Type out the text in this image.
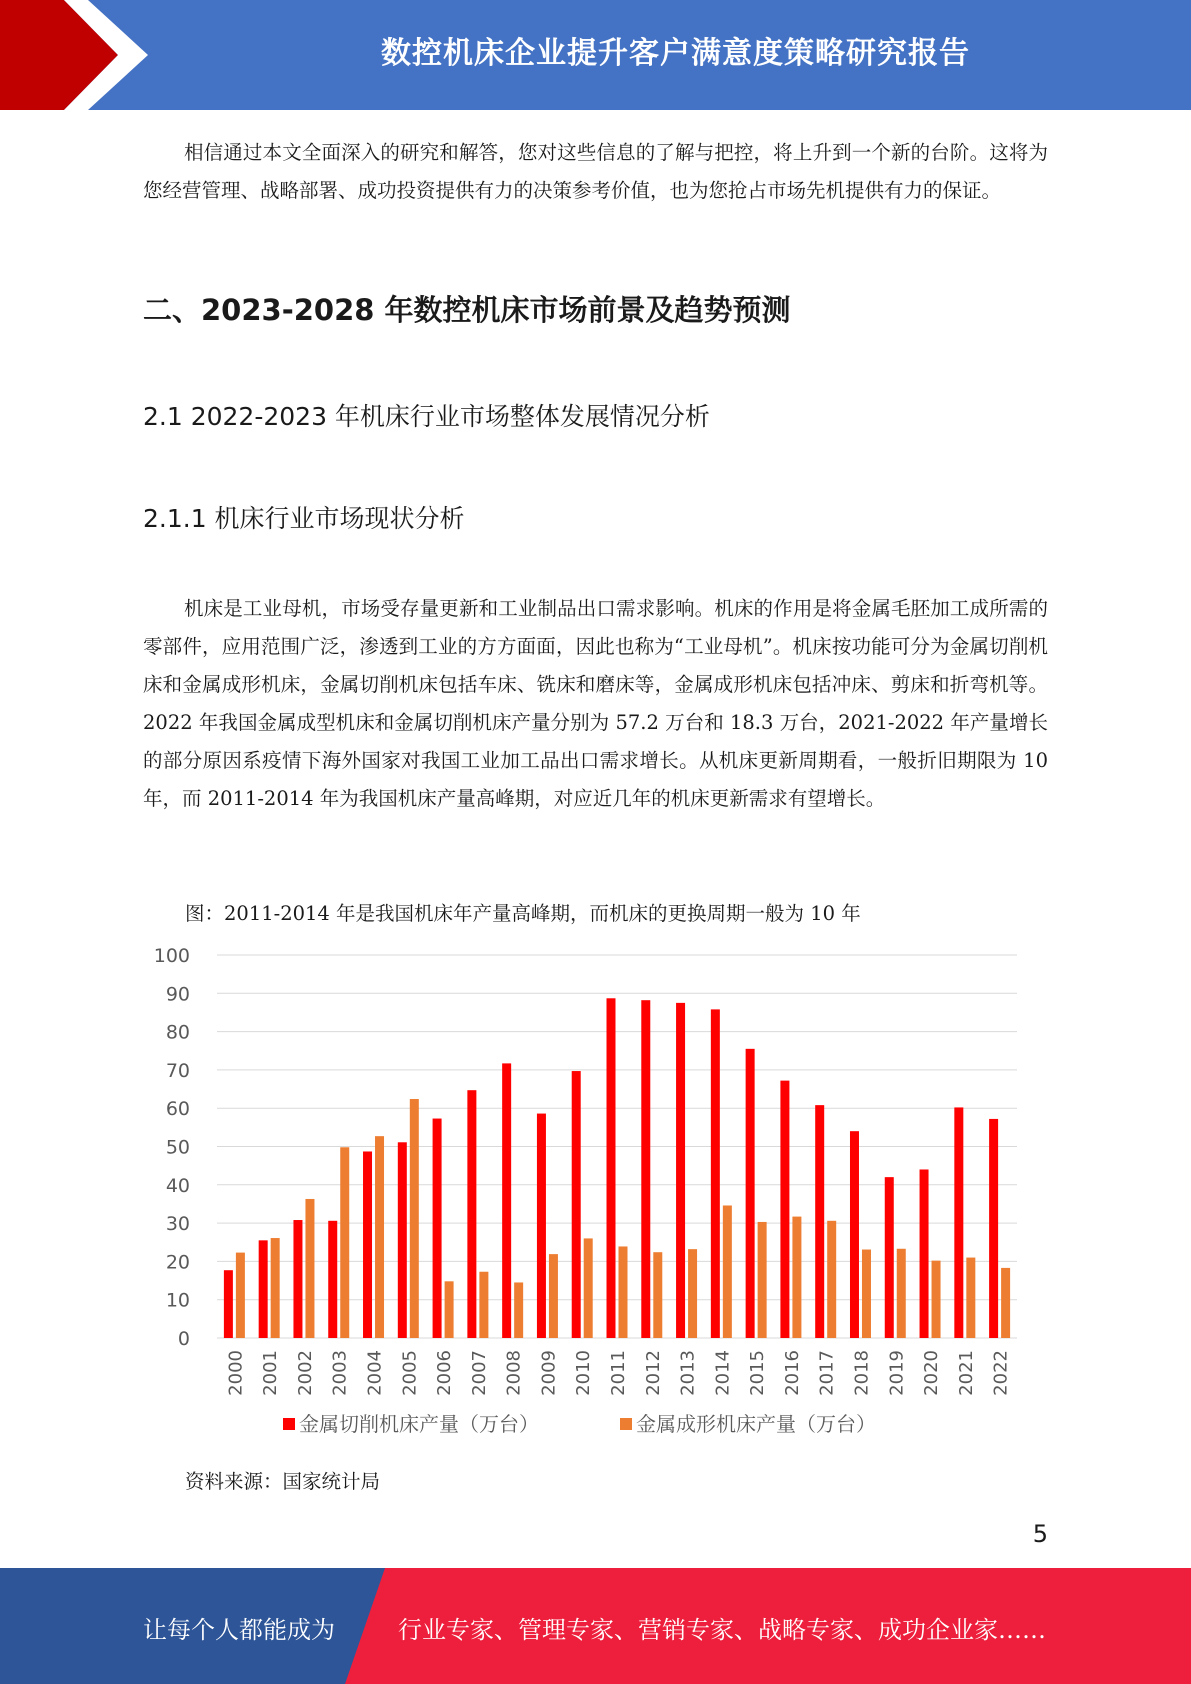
数控机床企业提升客户满意度策略研究报告

相信通过本文全面深入的研究和解答，您对这些信息的了解与把控，将上升到一个新的台阶。这将为您经营管理、战略部署、成功投资提供有力的决策参考价值，也为您抢占市场先机提供有力的保证。

二、2023-2028 年数控机床市场前景及趋势预测
2.1 2022-2023 年机床行业市场整体发展情况分析
2.1.1 机床行业市场现状分析

机床是工业母机，市场受存量更新和工业制品出口需求影响。机床的作用是将金属毛胚加工成所需的零部件，应用范围广泛，渗透到工业的方方面面，因此也称为“工业母机”。机床按功能可分为金属切削机床和金属成形机床，金属切削机床包括车床、铣床和磨床等，金属成形机床包括冲床、剪床和折弯机等。2022 年我国金属成型机床和金属切削机床产量分别为 57.2 万台和 18.3 万台，2021-2022 年产量增长的部分原因系疫情下海外国家对我国工业加工品出口需求增长。从机床更新周期看，一般折旧期限为 10 年，而 2011-2014 年为我国机床产量高峰期，对应近几年的机床更新需求有望增长。

图：2011-2014 年是我国机床年产量高峰期，而机床的更换周期一般为 10 年
0
10
20
30
40
50
60
70
80
90
100
2000 2001 2002 2003 2004 2005 2006 2007 2008 2009 2010 2011 2012 2013 2014 2015 2016 2017 2018 2019 2020 2021 2022
金属切削机床产量（万台）	金属成形机床产量（万台）
资料来源：国家统计局
5
让每个人都能成为	行业专家、管理专家、营销专家、战略专家、成功企业家……
